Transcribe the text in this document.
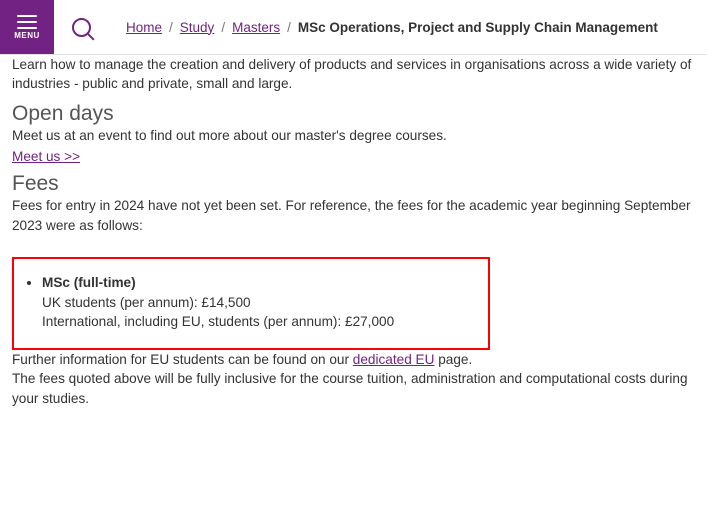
MENU
Home / Study / Masters / MSc Operations, Project and Supply Chain Management

Learn how to manage the creation and delivery of products and services in organisations across a wide variety of industries - public and private, small and large.

Open days

Meet us at an event to find out more about our master's degree courses.

Meet us >>
Fees

Fees for entry in 2024 have not yet been set. For reference, the fees for the academic year beginning September 2023 were as follows:

• MSc (full-time)
UK students (per annum): £14,500
International, including EU, students (per annum): £27,000

Further information for EU students can be found on our dedicated EU page.

The fees quoted above will be fully inclusive for the course tuition, administration and computational costs during your studies.
